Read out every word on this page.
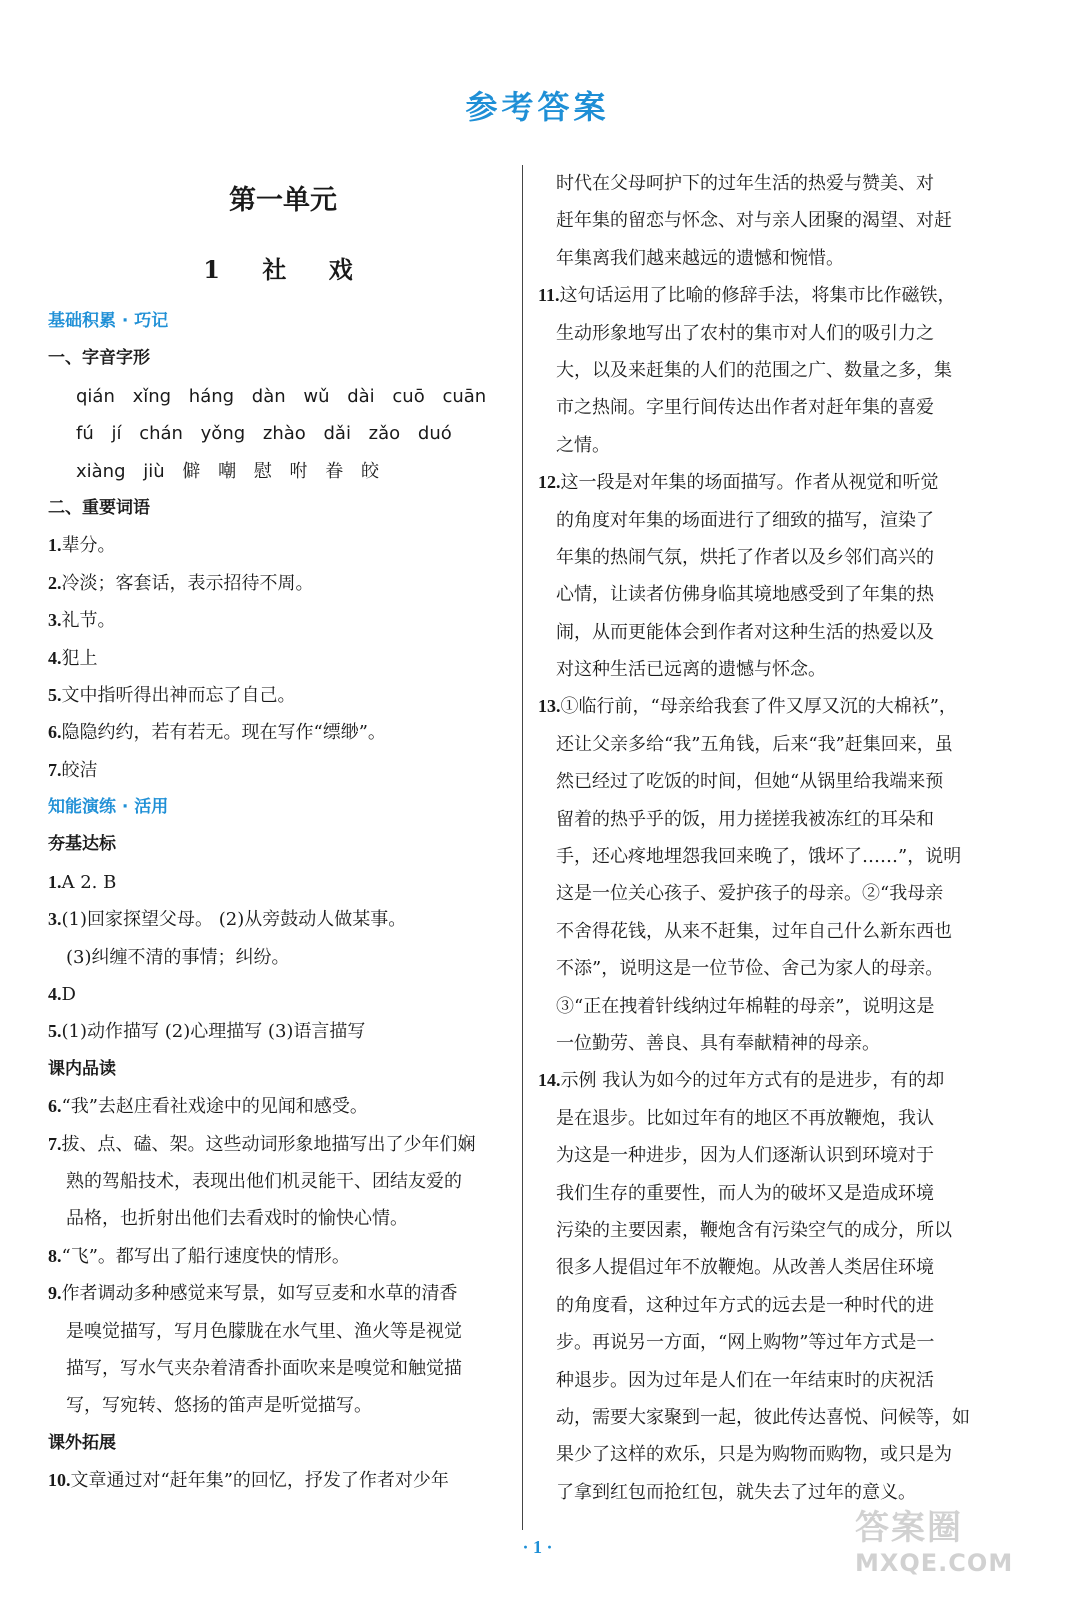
参考答案
第一单元
1 社 戏
基础积累 · 巧记
一、字音字形
qián xǐng háng dàn wǔ dài cuō cuān
fú jí chán yǒng zhào dǎi zǎo duó
xiàng jiù 僻 嘲 慰 咐 眷 皎
二、重要词语
1.辈分。
2.冷淡；客套话，表示招待不周。
3.礼节。
4.犯上
5.文中指听得出神而忘了自己。
6.隐隐约约，若有若无。现在写作“缥缈”。
7.皎洁
知能演练 · 活用
夯基达标
1.A 2. B
3.(1)回家探望父母。 (2)从旁鼓动人做某事。
(3)纠缠不清的事情；纠纷。
4.D
5.(1)动作描写 (2)心理描写 (3)语言描写
课内品读
6.“我”去赵庄看社戏途中的见闻和感受。
7.拔、点、磕、架。这些动词形象地描写出了少年们娴
熟的驾船技术，表现出他们机灵能干、团结友爱的
品格，也折射出他们去看戏时的愉快心情。
8.“飞”。都写出了船行速度快的情形。
9.作者调动多种感觉来写景，如写豆麦和水草的清香
是嗅觉描写，写月色朦胧在水气里、渔火等是视觉
描写，写水气夹杂着清香扑面吹来是嗅觉和触觉描
写，写宛转、悠扬的笛声是听觉描写。
课外拓展
10.文章通过对“赶年集”的回忆，抒发了作者对少年
时代在父母呵护下的过年生活的热爱与赞美、对
赶年集的留恋与怀念、对与亲人团聚的渴望、对赶
年集离我们越来越远的遗憾和惋惜。
11.这句话运用了比喻的修辞手法，将集市比作磁铁，
生动形象地写出了农村的集市对人们的吸引力之
大，以及来赶集的人们的范围之广、数量之多，集
市之热闹。字里行间传达出作者对赶年集的喜爱
之情。
12.这一段是对年集的场面描写。作者从视觉和听觉
的角度对年集的场面进行了细致的描写，渲染了
年集的热闹气氛，烘托了作者以及乡邻们高兴的
心情，让读者仿佛身临其境地感受到了年集的热
闹，从而更能体会到作者对这种生活的热爱以及
对这种生活已远离的遗憾与怀念。
13.①临行前，“母亲给我套了件又厚又沉的大棉袄”，
还让父亲多给“我”五角钱，后来“我”赶集回来，虽
然已经过了吃饭的时间，但她“从锅里给我端来预
留着的热乎乎的饭，用力搓搓我被冻红的耳朵和
手，还心疼地埋怨我回来晚了，饿坏了……”，说明
这是一位关心孩子、爱护孩子的母亲。②“我母亲
不舍得花钱，从来不赶集，过年自己什么新东西也
不添”，说明这是一位节俭、舍己为家人的母亲。
③“正在拽着针线纳过年棉鞋的母亲”，说明这是
一位勤劳、善良、具有奉献精神的母亲。
14.示例 我认为如今的过年方式有的是进步，有的却
是在退步。比如过年有的地区不再放鞭炮，我认
为这是一种进步，因为人们逐渐认识到环境对于
我们生存的重要性，而人为的破坏又是造成环境
污染的主要因素，鞭炮含有污染空气的成分，所以
很多人提倡过年不放鞭炮。从改善人类居住环境
的角度看，这种过年方式的远去是一种时代的进
步。再说另一方面，“网上购物”等过年方式是一
种退步。因为过年是人们在一年结束时的庆祝活
动，需要大家聚到一起，彼此传达喜悦、问候等，如
果少了这样的欢乐，只是为购物而购物，或只是为
了拿到红包而抢红包，就失去了过年的意义。
· 1 ·	答案圈
MXQE.COM
